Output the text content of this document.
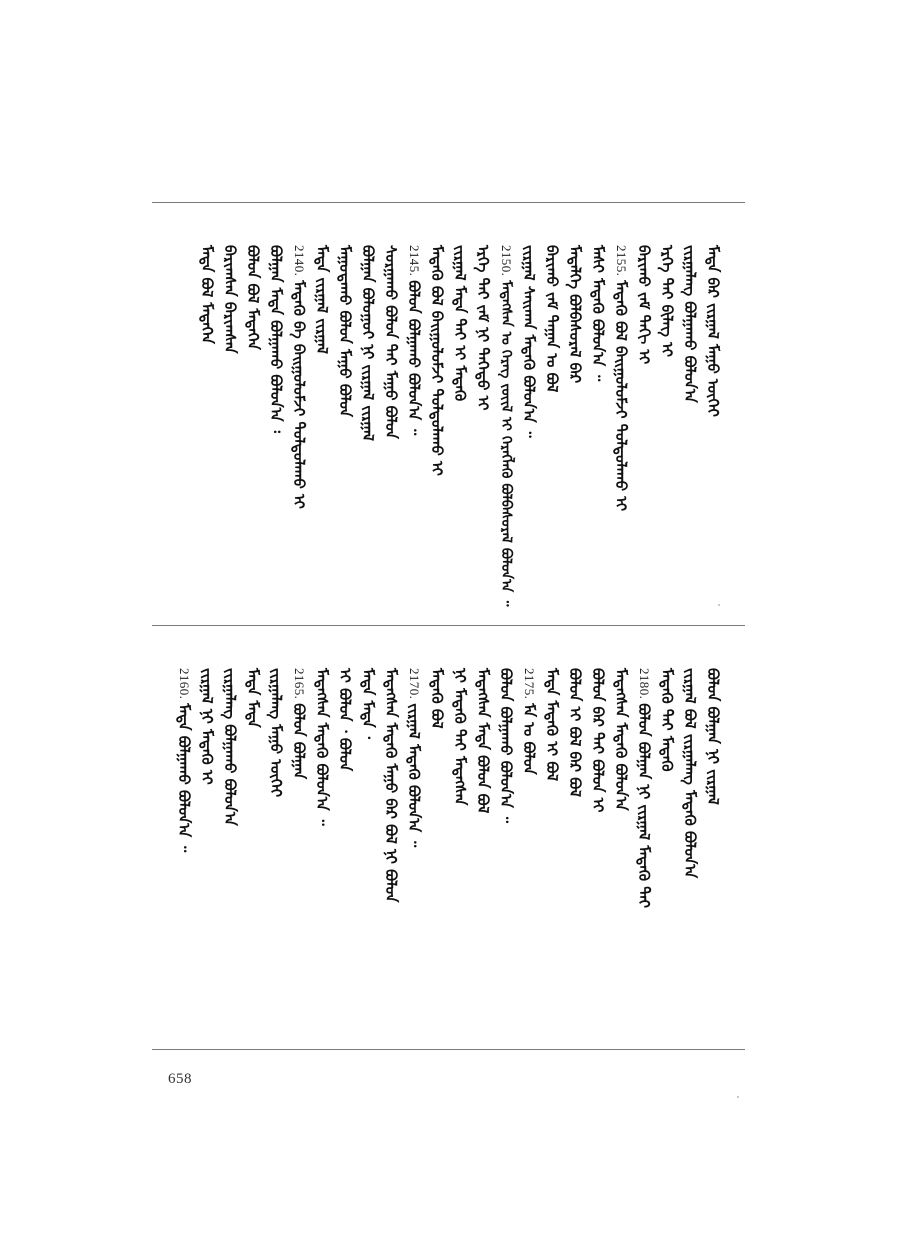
ᠮᠡᠳᠡ ᠪᠡᠷ ᠵᠢᠷᠭᠠᠯ ᠮᠠᠭᠤ ᠦᠭᠡᠢ
ᠵᠢᠷᠭᠠᠯᠠᠩ ᠪᠣᠯᠭᠠᠬᠤ ᠪᠣᠯᠤᠨ᠎ᠠ
ᠡᠷᠬᠡ ᠲᠠᠢ ᠪᠢᠯᠡᠭ ᠢ
ᠪᠠᠷᠢᠬᠤ ᠵᠠᠮ ᠲᠠᠬᠢ ᠢ
2155.ᠮᠡᠳᠡᠬᠦ ᠪᠣᠯ ᠪᠠᠢᠭᠤᠯᠤᠮᠵᠢ ᠳᠤᠯᠳᠤᠯᠠᠬᠤ ᠢ
ᠮᠠᠰᠢ ᠮᠡᠳᠡᠬᠦ ᠪᠣᠯᠤᠨ᠎ᠠ ᠃
ᠮᠡᠳᠡᠯᠭᠡ ᠪᠣᠯᠪᠠᠰᠤᠷᠠᠯ ᠪᠠᠷ
ᠪᠠᠷᠢᠬᠤ ᠵᠠᠮ ᠲᠠᠭᠠᠨ ᠣ ᠪᠣᠯ
ᠵᠢᠷᠭᠠᠯ ᠰᠠᠢᠬᠠᠨ ᠮᠡᠳᠡᠬᠦ ᠪᠣᠯᠤᠨ᠎ᠠ ᠃
2150.ᠮᠡᠳᠡᠭᠰᠡᠨ ᠣ ᠬᠡᠷᠡᠭ ᠵᠦᠢᠯ ᠢ ᠬᠡᠷᠡᠭᠯᠡᠬᠦ ᠪᠣᠯᠪᠠᠰᠤᠷᠠᠯ ᠪᠣᠯᠤᠨ᠎ᠠ ᠃
ᠡᠷᠬᠡ ᠲᠠᠢ ᠵᠠᠮ ᠨᠢ ᠳᠡᠭᠡᠳᠦ ᠢ
ᠵᠢᠷᠭᠠᠯ ᠮᠡᠳᠡ ᠲᠠᠢ ᠢ ᠮᠡᠳᠡᠬᠦ
ᠮᠡᠳᠡᠬᠦ ᠪᠣᠯ ᠪᠠᠢᠭᠤᠯᠤᠮᠵᠢ ᠳᠤᠯᠳᠤᠯᠠᠬᠤ ᠢ
2145.ᠪᠣᠯᠤᠨ ᠪᠣᠯᠭᠠᠬᠤ ᠪᠣᠯᠤᠨ᠎ᠠ ᠃
ᠰᠤᠷᠭᠠᠬᠤ ᠪᠣᠯᠤᠨ ᠲᠠᠢ ᠮᠠᠭᠤ ᠪᠣᠯᠤᠨ
ᠪᠣᠯᠭᠠᠨ ᠪᠣᠯᠤᠭᠤᠢ ᠨᠢ ᠵᠢᠷᠭᠠᠯ ᠵᠢᠷᠭᠠᠯ
ᠮᠠᠭᠤᠳᠠᠬᠤ ᠪᠣᠯᠤᠨ ᠮᠠᠭᠤ ᠪᠣᠯᠤᠨ
ᠮᠡᠳᠡ ᠵᠢᠷᠭᠠᠯ ᠵᠢᠷᠭᠠᠯ
2140.ᠮᠡᠳᠡᠬᠦ ᠪᠠ ᠪᠠᠢᠭᠤᠯᠤᠮᠵᠢ ᠳᠤᠯᠳᠤᠯᠠᠬᠤ ᠢ
ᠪᠣᠯᠭᠠᠨ ᠮᠡᠳᠡ ᠪᠣᠯᠭᠠᠬᠤ ᠪᠣᠯᠤᠨ᠎ᠠ ᠄
ᠪᠣᠯᠤᠨ ᠪᠣᠯ ᠮᠡᠳᠡᠭᠡᠨ
ᠪᠠᠷᠢᠭᠰᠠᠨ ᠪᠠᠷᠢᠭᠰᠠᠨ
ᠮᠡᠳᠡ ᠪᠣᠯ ᠮᠡᠳᠡᠭᠡᠨ
ᠪᠣᠯᠤᠨ ᠪᠣᠯᠭᠠᠨ ᠨᠢ ᠵᠢᠷᠭᠠᠯ
ᠵᠢᠷᠭᠠᠯ ᠪᠣᠯ ᠵᠢᠷᠭᠠᠯᠠᠩ ᠮᠡᠳᠡᠬᠦ ᠪᠣᠯᠤᠨ᠎ᠠ
ᠮᠡᠳᠡᠬᠦ ᠲᠠᠢ ᠮᠡᠳᠡᠬᠦ
2180.ᠪᠣᠯᠤᠨ ᠪᠣᠯᠭᠠᠨ ᠨᠢ ᠵᠢᠷᠭᠠᠯ ᠮᠡᠳᠡᠬᠦ ᠲᠠᠢ
ᠮᠡᠳᠡᠭᠰᠡᠨ ᠮᠡᠳᠡᠬᠦ ᠪᠣᠯᠤᠨ᠎ᠠ
ᠪᠣᠯᠤᠨ ᠪᠠᠷ ᠲᠠᠢ ᠪᠣᠯᠤᠨ ᠢ
ᠪᠣᠯᠤᠨ ᠢ ᠪᠣᠯ ᠪᠠᠷ ᠪᠣᠯ
ᠮᠡᠳᠡ ᠮᠡᠳᠡᠬᠦ ᠢ ᠪᠣᠯ
2175.ᠮᠡ ᠣ ᠪᠣᠯᠤᠨ
ᠪᠣᠯᠤᠨ ᠪᠣᠯᠭᠠᠬᠤ ᠪᠣᠯᠤᠨ᠎ᠠ ᠃
ᠮᠡᠳᠡᠭᠰᠡᠨ ᠮᠡᠳᠡ ᠪᠣᠯᠤᠨ ᠪᠣᠯ
ᠨᠢ ᠮᠡᠳᠡᠬᠦ ᠲᠠᠢ ᠮᠡᠳᠡᠭᠰᠡᠨ
ᠮᠡᠳᠡᠬᠦ ᠪᠣᠯ
2170.ᠵᠢᠷᠭᠠᠯ ᠮᠡᠳᠡᠬᠦ ᠪᠣᠯᠤᠨ᠎ᠠ ᠃
ᠮᠡᠳᠡᠭᠰᠡᠨ ᠮᠡᠳᠡᠬᠦ ᠮᠠᠭᠤ ᠪᠠᠷ ᠪᠣᠯ ᠨᠢ ᠪᠣᠯᠤᠨ
ᠮᠡᠳᠡ ᠮᠡᠳᠡ ᠂
ᠢ ᠪᠣᠯᠤᠨ ᠂ ᠪᠣᠯᠤᠨ
ᠮᠡᠳᠡᠭᠰᠡᠨ ᠮᠡᠳᠡᠬᠦ ᠪᠣᠯᠤᠨ᠎ᠠ ᠃
2165.ᠪᠣᠯᠤᠨ ᠪᠣᠯᠭᠠᠨ
ᠵᠢᠷᠭᠠᠯᠠᠩ ᠮᠠᠭᠤ ᠦᠭᠡᠢ
ᠮᠡᠳᠡ ᠮᠡᠳᠡ
ᠵᠢᠷᠭᠠᠯᠠᠩ ᠪᠣᠯᠭᠠᠬᠤ ᠪᠣᠯᠤᠨ᠎ᠠ
ᠵᠢᠷᠭᠠᠯ ᠨᠢ ᠮᠡᠳᠡᠬᠦ ᠢ
2160.ᠮᠡᠳᠡ ᠪᠣᠯᠭᠠᠬᠤ ᠪᠣᠯᠤᠨ᠎ᠠ ᠃
658
